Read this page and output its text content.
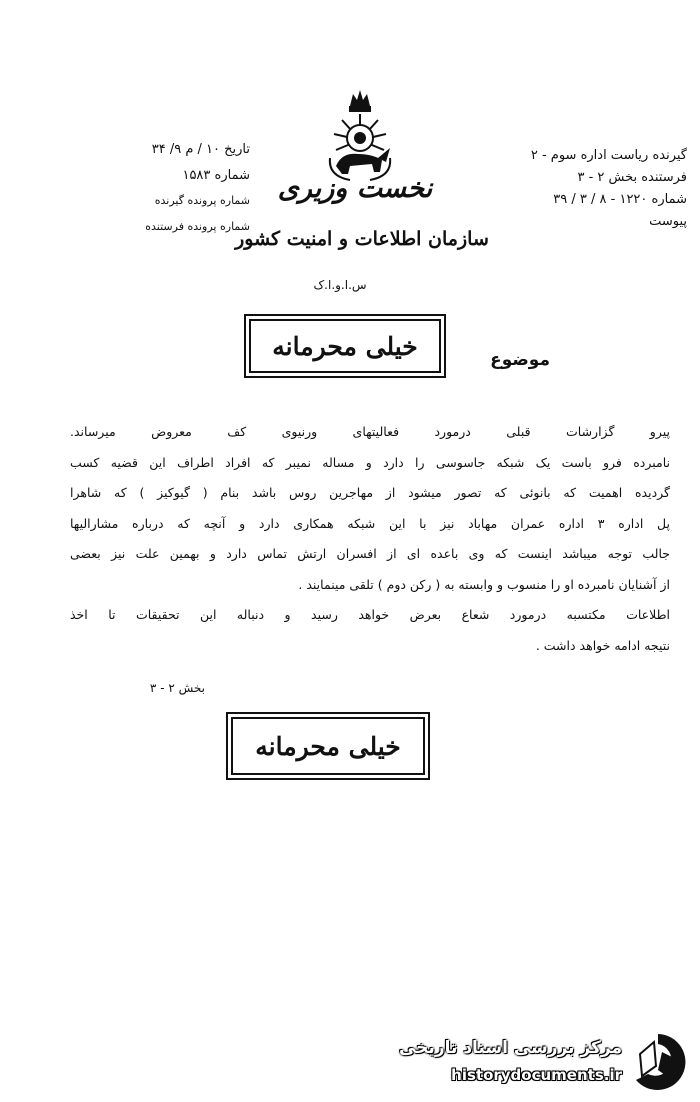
تاریخ ۱۰ / م ۹/ ۳۴
شماره ۱۵۸۳
شماره پرونده گیرنده
شماره پرونده فرستنده
نخست وزیری
سازمان اطلاعات و امنیت کشور
س.ا.و.ا.ک
گیرنده ریاست اداره سوم - ۲
فرستنده بخش ۲ - ۳
شماره ۱۲۲۰ - ۸ / ۳ / ۳۹
پیوست
خیلی محرمانه	موضوع
پیرو گزارشات قبلی درمورد فعالیتهای ورنیوی کف معروض میرساند.
نامبرده فرو باست یک شبکه جاسوسی را دارد و مساله نمیبر که افراد اطراف این قضیه کسب
گردیده اهمیت که بانوئی که تصور میشود از مهاجرین روس باشد بنام ( گیوکیز ) که شاهرا
پل اداره ۳ اداره عمران مهاباد نیز با این شبکه همکاری دارد و آنچه که درباره مشارالیها
جالب توجه میباشد اینست که وی باعده ای از افسران ارتش تماس دارد و بهمین علت نیز بعضی
از آشنایان نامبرده او را منسوب و وابسته به ( رکن دوم ) تلقی مینمایند .
اطلاعات مکتسبه درمورد شعاع بعرض خواهد رسید و دنباله این تحقیقات تا اخذ
نتیجه ادامه خواهد داشت .
بخش ۲ - ۳
خیلی محرمانه
مرکز بررسی اسناد تاریخی
historydocuments.ir
